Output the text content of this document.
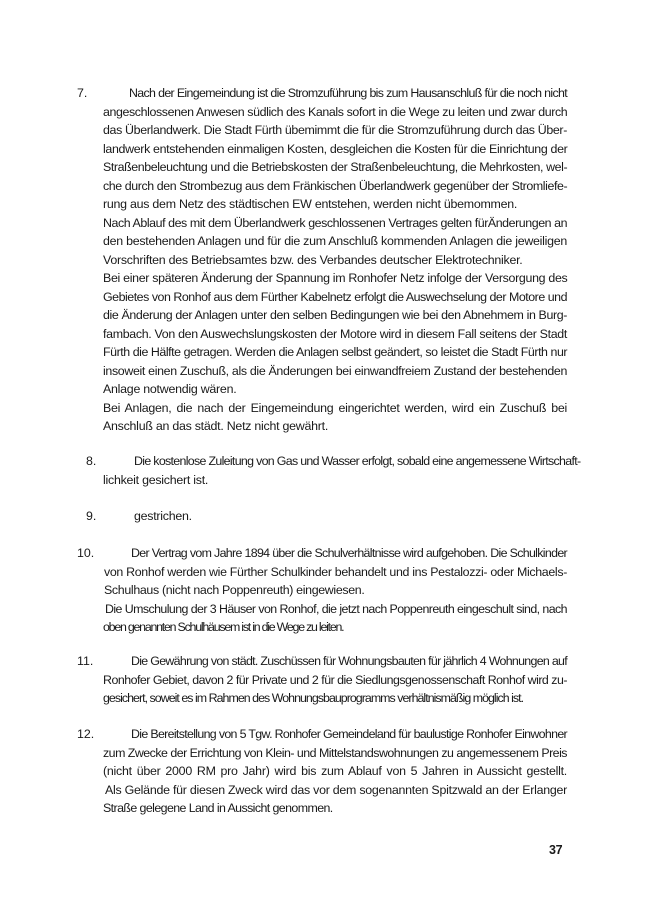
7.	Nach der Eingemeindung ist die Stromzuführung bis zum Hausanschluß für die noch nicht
angeschlossenen Anwesen südlich des Kanals sofort in die Wege zu leiten und zwar durch
das Überlandwerk. Die Stadt Fürth übemimmt die für die Stromzuführung durch das Über-
landwerk entstehenden einmaligen Kosten, desgleichen die Kosten für die Einrichtung der
Straßenbeleuchtung und die Betriebskosten der Straßenbeleuchtung, die Mehrkosten, wel-
che durch den Strombezug aus dem Fränkischen Überlandwerk gegenüber der Stromliefe-
rung aus dem Netz des städtischen EW entstehen, werden nicht übemommen.
Nach Ablauf des mit dem Überlandwerk geschlossenen Vertrages gelten fürÄnderungen an
den bestehenden Anlagen und für die zum Anschluß kommenden Anlagen die jeweiligen
Vorschriften des Betriebsamtes bzw. des Verbandes deutscher Elektrotechniker.
Bei einer späteren Änderung der Spannung im Ronhofer Netz infolge der Versorgung des
Gebietes von Ronhof aus dem Fürther Kabelnetz erfolgt die Auswechselung der Motore und
die Änderung der Anlagen unter den selben Bedingungen wie bei den Abnehmem in Burg-
fambach. Von den Auswechslungskosten der Motore wird in diesem Fall seitens der Stadt
Fürth die Hälfte getragen. Werden die Anlagen selbst geändert, so leistet die Stadt Fürth nur
insoweit einen Zuschuß, als die Änderungen bei einwandfreiem Zustand der bestehenden
Anlage notwendig wären.
Bei Anlagen, die nach der Eingemeindung eingerichtet werden, wird ein Zuschuß bei
Anschluß an das städt. Netz nicht gewährt.
8.	Die kostenlose Zuleitung von Gas und Wasser erfolgt, sobald eine angemessene Wirtschaft-
lichkeit gesichert ist.
9.	gestrichen.
10.	Der Vertrag vom Jahre 1894 über die Schulverhältnisse wird aufgehoben. Die Schulkinder
von Ronhof werden wie Fürther Schulkinder behandelt und ins Pestalozzi- oder Michaels-
Schulhaus (nicht nach Poppenreuth) eingewiesen.
Die Umschulung der 3 Häuser von Ronhof, die jetzt nach Poppenreuth eingeschult sind, nach
oben genannten Schulhäusem ist in die Wege zu leiten.
11.	Die Gewährung von städt. Zuschüssen für Wohnungsbauten für jährlich 4 Wohnungen auf
Ronhofer Gebiet, davon 2 für Private und 2 für die Siedlungsgenossenschaft Ronhof wird zu-
gesichert, soweit es im Rahmen des Wohnungsbauprogramms verhältnismäßig möglich ist.
12.	Die Bereitstellung von 5 Tgw. Ronhofer Gemeindeland für baulustige Ronhofer Einwohner
zum Zwecke der Errichtung von Klein- und Mittelstandswohnungen zu angemessenem Preis
(nicht über 2000 RM pro Jahr) wird bis zum Ablauf von 5 Jahren in Aussicht gestellt.
Als Gelände für diesen Zweck wird das vor dem sogenannten Spitzwald an der Erlanger
Straße gelegene Land in Aussicht genommen.
37
